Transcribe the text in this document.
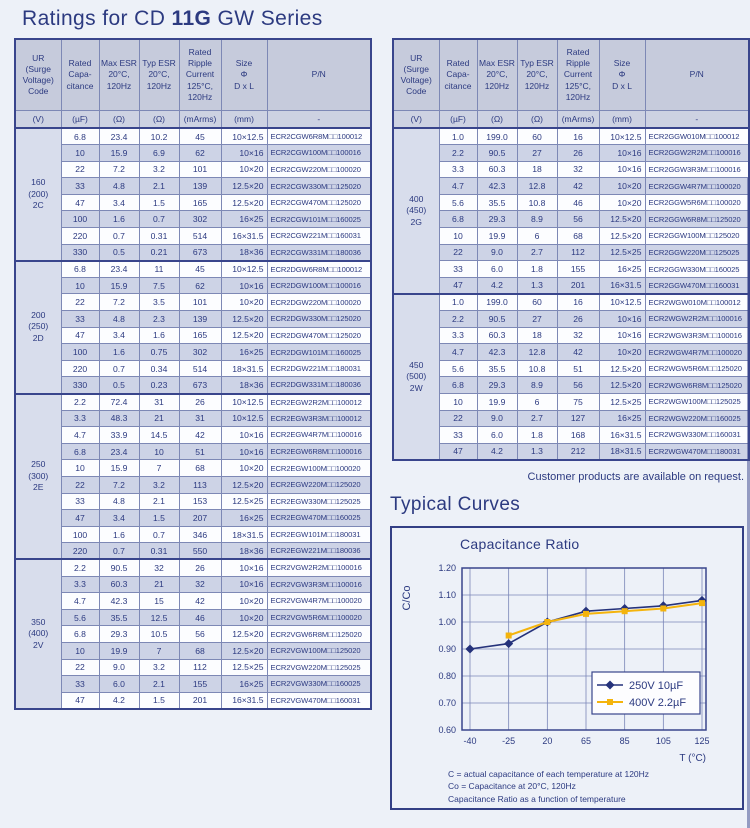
Ratings for CD 11G GW Series
UR
(Surge
Voltage)
Code	Rated
Capa-
citance	Max ESR
20°C,
120Hz	Typ ESR
20°C,
120Hz	Rated
Ripple
Current
125°C,
120Hz	Size
Φ
D x L	P/N
(V)	(µF)	(Ω)	(Ω)	(mArms)	(mm)	-
160
(200)
2C	6.8	23.4	10.2	45	10×12.5	ECR2CGW6R8M□□100012
	10	15.9	6.9	62	10×16	ECR2CGW100M□□100016
	22	7.2	3.2	101	10×20	ECR2CGW220M□□100020
	33	4.8	2.1	139	12.5×20	ECR2CGW330M□□125020
	47	3.4	1.5	165	12.5×20	ECR2CGW470M□□125020
	100	1.6	0.7	302	16×25	ECR2CGW101M□□160025
	220	0.7	0.31	514	16×31.5	ECR2CGW221M□□160031
	330	0.5	0.21	673	18×36	ECR2CGW331M□□180036
200
(250)
2D	6.8	23.4	11	45	10×12.5	ECR2DGW6R8M□□100012
	10	15.9	7.5	62	10×16	ECR2DGW100M□□100016
	22	7.2	3.5	101	10×20	ECR2DGW220M□□100020
	33	4.8	2.3	139	12.5×20	ECR2DGW330M□□125020
	47	3.4	1.6	165	12.5×20	ECR2DGW470M□□125020
	100	1.6	0.75	302	16×25	ECR2DGW101M□□160025
	220	0.7	0.34	514	18×31.5	ECR2DGW221M□□180031
	330	0.5	0.23	673	18×36	ECR2DGW331M□□180036
250
(300)
2E	2.2	72.4	31	26	10×12.5	ECR2EGW2R2M□□100012
	3.3	48.3	21	31	10×12.5	ECR2EGW3R3M□□100012
	4.7	33.9	14.5	42	10×16	ECR2EGW4R7M□□100016
	6.8	23.4	10	51	10×16	ECR2EGW6R8M□□100016
	10	15.9	7	68	10×20	ECR2EGW100M□□100020
	22	7.2	3.2	113	12.5×20	ECR2EGW220M□□125020
	33	4.8	2.1	153	12.5×25	ECR2EGW330M□□125025
	47	3.4	1.5	207	16×25	ECR2EGW470M□□160025
	100	1.6	0.7	346	18×31.5	ECR2EGW101M□□180031
	220	0.7	0.31	550	18×36	ECR2EGW221M□□180036
350
(400)
2V	2.2	90.5	32	26	10×16	ECR2VGW2R2M□□100016
	3.3	60.3	21	32	10×16	ECR2VGW3R3M□□100016
	4.7	42.3	15	42	10×20	ECR2VGW4R7M□□100020
	5.6	35.5	12.5	46	10×20	ECR2VGW5R6M□□100020
	6.8	29.3	10.5	56	12.5×20	ECR2VGW6R8M□□125020
	10	19.9	7	68	12.5×20	ECR2VGW100M□□125020
	22	9.0	3.2	112	12.5×25	ECR2VGW220M□□125025
	33	6.0	2.1	155	16×25	ECR2VGW330M□□160025
	47	4.2	1.5	201	16×31.5	ECR2VGW470M□□160031
UR
(Surge
Voltage)
Code	Rated
Capa-
citance	Max ESR
20°C,
120Hz	Typ ESR
20°C,
120Hz	Rated
Ripple
Current
125°C,
120Hz	Size
Φ
D x L	P/N
(V)	(µF)	(Ω)	(Ω)	(mArms)	(mm)	-
400
(450)
2G	1.0	199.0	60	16	10×12.5	ECR2GGW010M□□100012
	2.2	90.5	27	26	10×16	ECR2GGW2R2M□□100016
	3.3	60.3	18	32	10×16	ECR2GGW3R3M□□100016
	4.7	42.3	12.8	42	10×20	ECR2GGW4R7M□□100020
	5.6	35.5	10.8	46	10×20	ECR2GGW5R6M□□100020
	6.8	29.3	8.9	56	12.5×20	ECR2GGW6R8M□□125020
	10	19.9	6	68	12.5×20	ECR2GGW100M□□125020
	22	9.0	2.7	112	12.5×25	ECR2GGW220M□□125025
	33	6.0	1.8	155	16×25	ECR2GGW330M□□160025
	47	4.2	1.3	201	16×31.5	ECR2GGW470M□□160031
450
(500)
2W	1.0	199.0	60	16	10×12.5	ECR2WGW010M□□100012
	2.2	90.5	27	26	10×16	ECR2WGW2R2M□□100016
	3.3	60.3	18	32	10×16	ECR2WGW3R3M□□100016
	4.7	42.3	12.8	42	10×20	ECR2WGW4R7M□□100020
	5.6	35.5	10.8	51	12.5×20	ECR2WGW5R6M□□125020
	6.8	29.3	8.9	56	12.5×20	ECR2WGW6R8M□□125020
	10	19.9	6	75	12.5×25	ECR2WGW100M□□125025
	22	9.0	2.7	127	16×25	ECR2WGW220M□□160025
	33	6.0	1.8	168	16×31.5	ECR2WGW330M□□160031
	47	4.2	1.3	212	18×31.5	ECR2WGW470M□□180031
Customer products are available on request.
Typical Curves
Capacitance Ratio
0.60
0.70
0.80
0.90
1.00
1.10
1.20
-40	-25	20	65	85	105	125
T (°C)
C/Co
250V 10µF
400V 2.2µF
C = actual capacitance of each temperature at 120Hz
Co = Capacitance at 20°C, 120Hz
Capacitance Ratio as a function of temperature
